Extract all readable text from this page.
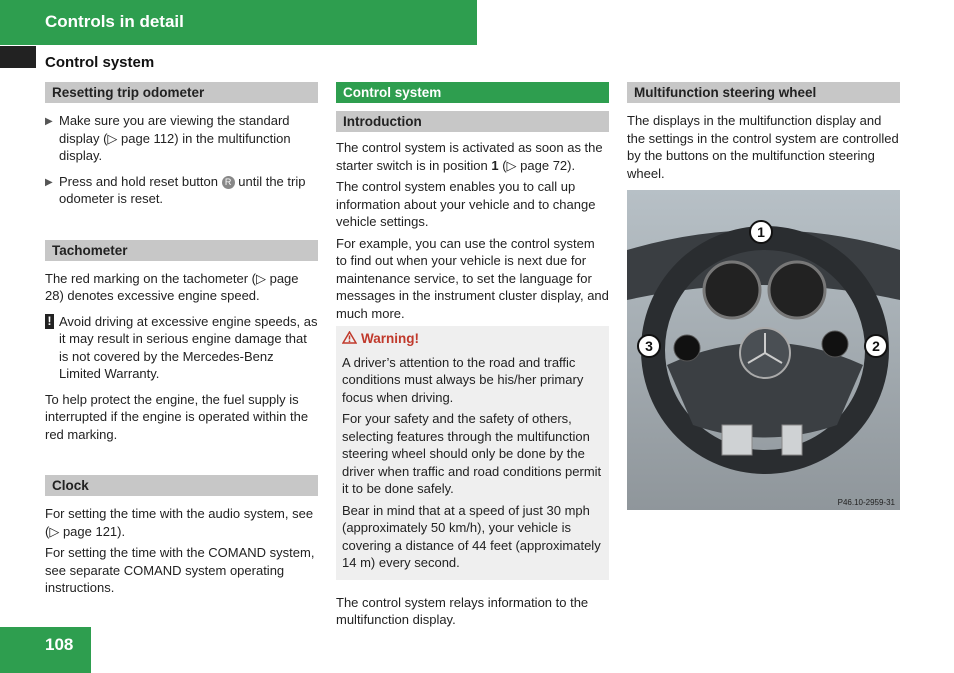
Controls in detail
Control system
Resetting trip odometer
▶ Make sure you are viewing the standard display (▷ page 112) in the multifunction display.
▶ Press and hold reset button R until the trip odometer is reset.
Tachometer

The red marking on the tachometer (▷ page 28) denotes excessive engine speed.

! Avoid driving at excessive engine speeds, as it may result in serious engine damage that is not covered by the Mercedes-Benz Limited Warranty.

To help protect the engine, the fuel supply is interrupted if the engine is operated within the red marking.

Clock

For setting the time with the audio system, see (▷ page 121).

For setting the time with the COMAND system, see separate COMAND system operating instructions.

Control system
Introduction

The control system is activated as soon as the starter switch is in position 1 (▷ page 72).

The control system enables you to call up information about your vehicle and to change vehicle settings.

For example, you can use the control system to find out when your vehicle is next due for maintenance service, to set the language for messages in the instrument cluster display, and much more.

Warning!

A driver’s attention to the road and traffic conditions must always be his/her primary focus when driving.

For your safety and the safety of others, selecting features through the multifunction steering wheel should only be done by the driver when traffic and road conditions permit it to be done safely.

Bear in mind that at a speed of just 30 mph (approximately 50 km/h), your vehicle is covering a distance of 44 feet (approximately 14 m) every second.

The control system relays information to the multifunction display.

Multifunction steering wheel

The displays in the multifunction display and the settings in the control system are controlled by the buttons on the multifunction steering wheel.

1
2
3
P46.10-2959-31
108
